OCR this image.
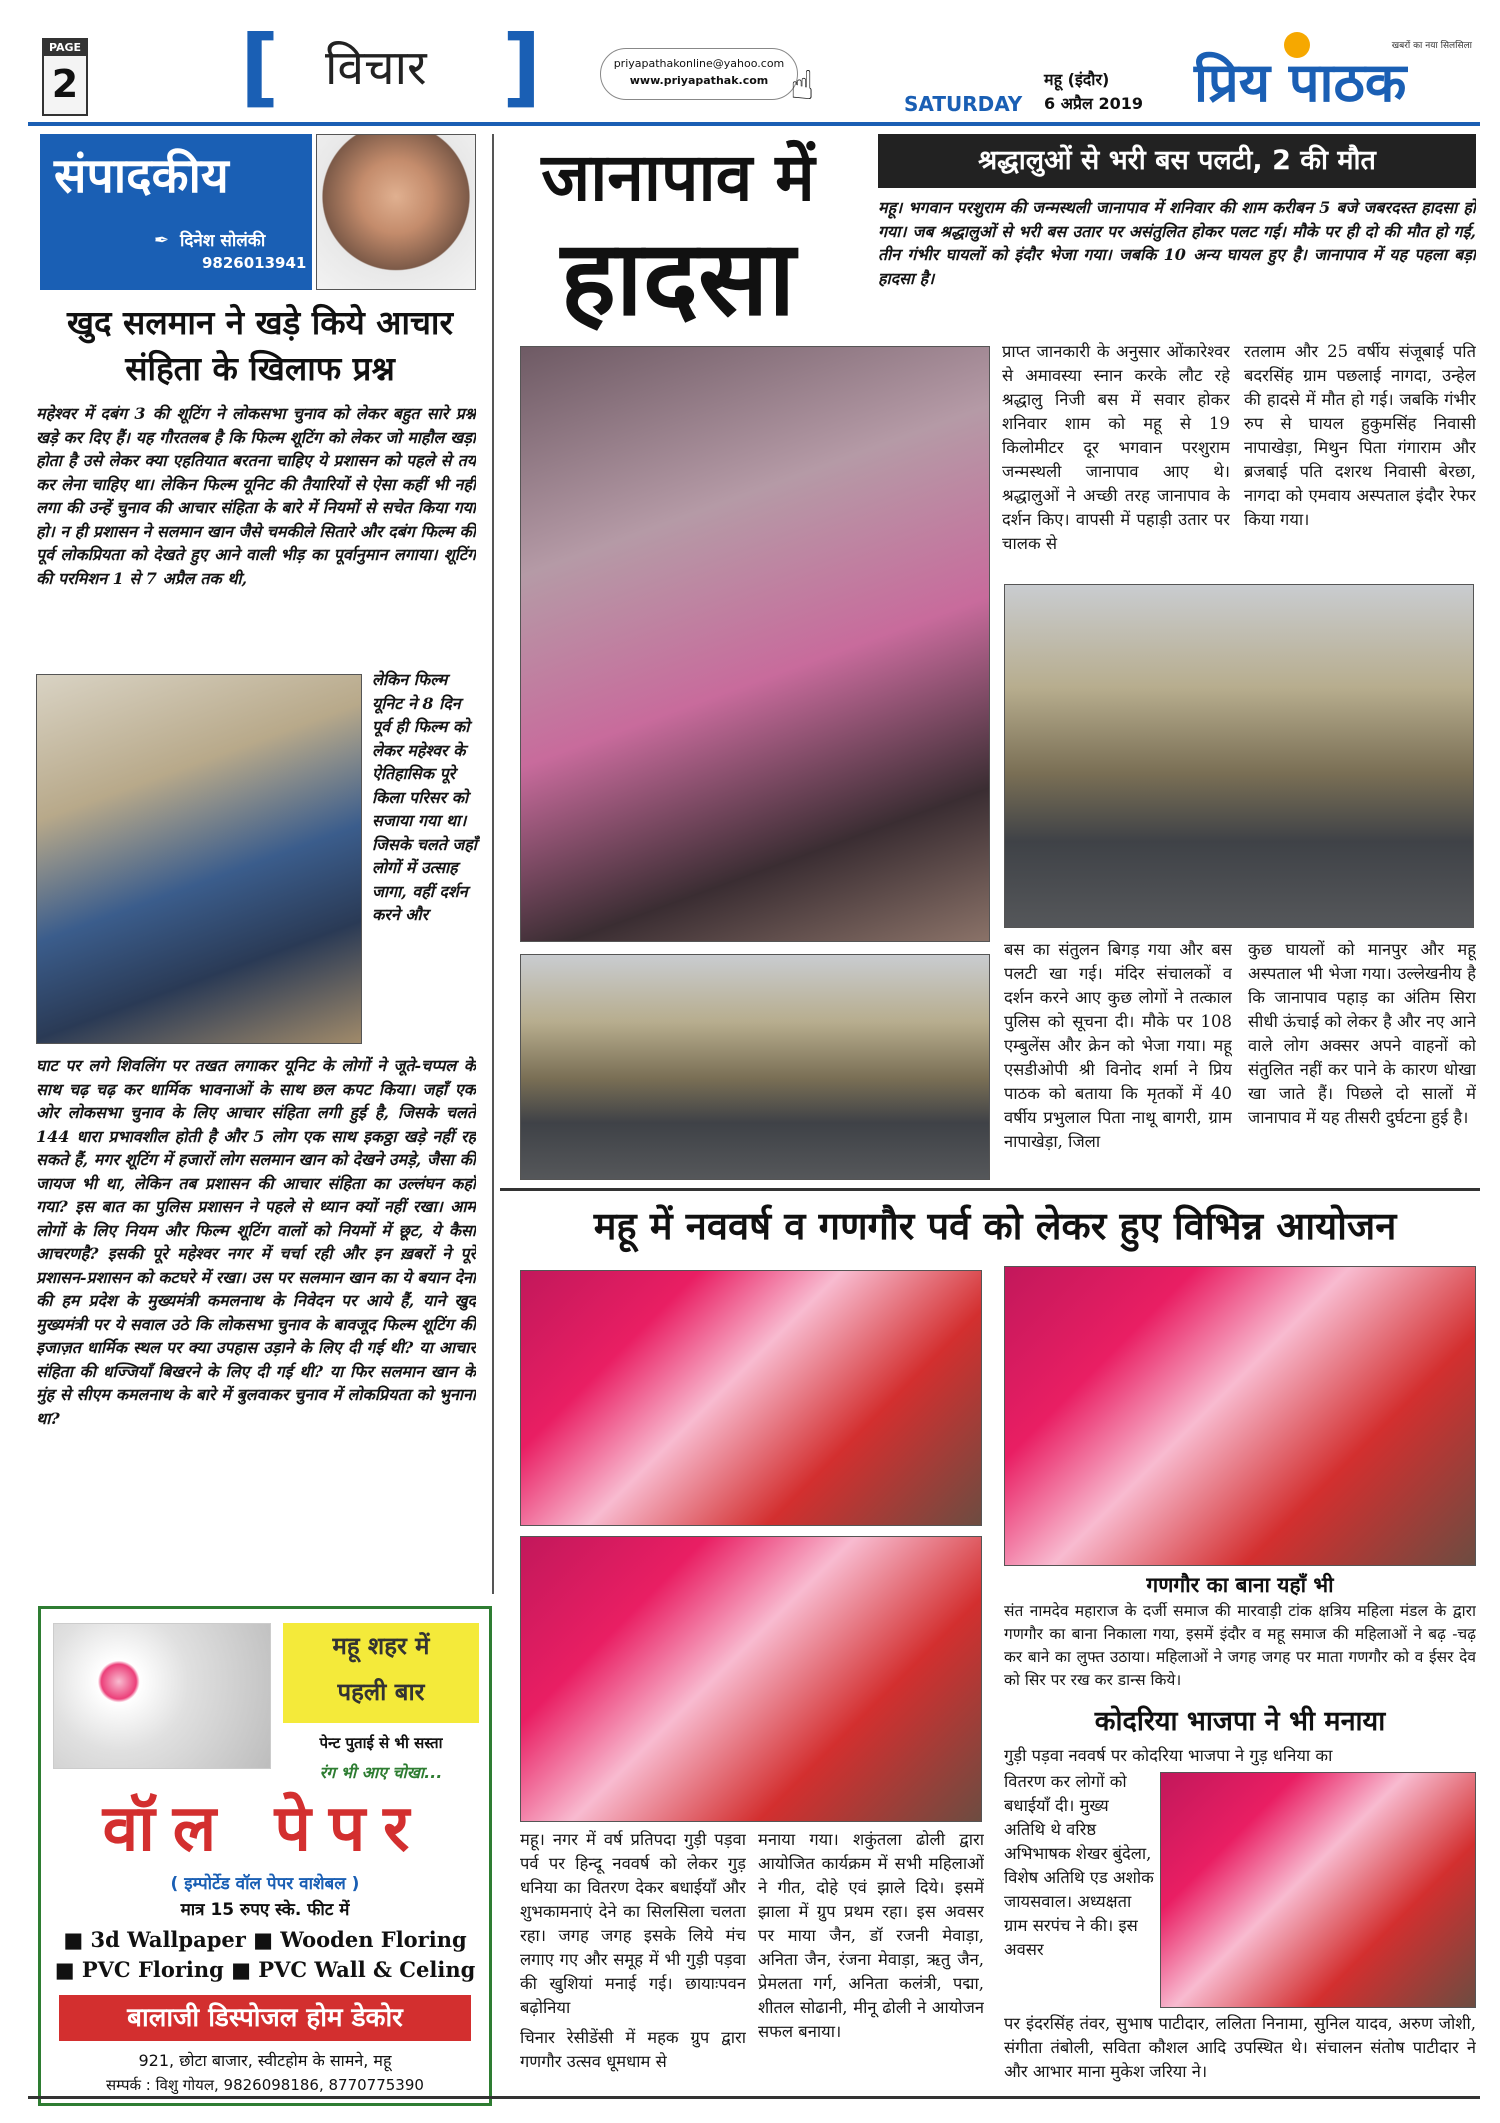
PAGE
2 [ विचार ]	priyapathakonline@yahoo.com
www.priyapathak.com ☝	SATURDAY
महू (इंदौर)
6 अप्रैल 2019
खबरों का नया सिलसिला
प्रिय पाठक
संपादकीय
✒ दिनेश सोलंकी
9826013941
खुद सलमान ने खड़े किये आचार
संहिता के खिलाफ प्रश्न
महेश्वर में दबंग 3 की शूटिंग ने लोकसभा चुनाव को लेकर बहुत सारे प्रश्न खड़े कर दिए हैं। यह गौरतलब है कि फिल्म शूटिंग को लेकर जो माहौल खड़ा होता है उसे लेकर क्या एहतियात बरतना चाहिए ये प्रशासन को पहले से तय कर लेना चाहिए था। लेकिन फिल्म यूनिट की तैयारियों से ऐसा कहीं भी नहीं लगा की उन्हें चुनाव की आचार संहिता के बारे में नियमों से सचेत किया गया हो। न ही प्रशासन ने सलमान खान जैसे चमकीले सितारे और दबंग फिल्म की पूर्व लोकप्रियता को देखते हुए आने वाली भीड़ का पूर्वानुमान लगाया। शूटिंग की परमिशन 1 से 7 अप्रैल तक थी,
लेकिन फिल्म यूनिट ने 8 दिन पूर्व ही फिल्म को लेकर महेश्वर के ऐतिहासिक पूरे किला परिसर को सजाया गया था। जिसके चलते जहाँ लोगों में उत्साह जागा, वहीं दर्शन करने और
घाट पर लगे शिवलिंग पर तखत लगाकर यूनिट के लोगों ने जूते-चप्पल के साथ चढ़ चढ़ कर धार्मिक भावनाओं के साथ छल कपट किया। जहाँ एक ओर लोकसभा चुनाव के लिए आचार संहिता लगी हुई है, जिसके चलते 144 धारा प्रभावशील होती है और 5 लोग एक साथ इकठ्ठा खड़े नहीं रह सकते हैं, मगर शूटिंग में हजारों लोग सलमान खान को देखने उमड़े, जैसा की जायज भी था, लेकिन तब प्रशासन की आचार संहिता का उल्लंघन कहाँ गया? इस बात का पुलिस प्रशासन ने पहले से ध्यान क्यों नहीं रखा। आम लोगों के लिए नियम और फिल्म शूटिंग वालों को नियमों में छूट, ये कैसा आचरणहै? इसकी पूरे महेश्वर नगर में चर्चा रही और इन ख़बरों ने पूरे प्रशासन-प्रशासन को कटघरे में रखा। उस पर सलमान खान का ये बयान देना की हम प्रदेश के मुख्यमंत्री कमलनाथ के निवेदन पर आये हैं, याने खुद मुख्यमंत्री पर ये सवाल उठे कि लोकसभा चुनाव के बावजूद फिल्म शूटिंग की इजाज़त धार्मिक स्थल पर क्या उपहास उड़ाने के लिए दी गई थी? या आचार संहिता की धज्जियाँ बिखरने के लिए दी गई थी? या फिर सलमान खान के मुंह से सीएम कमलनाथ के बारे में बुलवाकर चुनाव में लोकप्रियता को भुनाना था?
महू शहर में
पहली बार
पेन्ट पुताई से भी सस्ता
रंग भी आए चोखा...
वॉल पेपर
( इम्पोर्टेड वॉल पेपर वाशेबल )
मात्र 15 रुपए स्के. फीट में
■ 3d Wallpaper ■ Wooden Floring
■ PVC Floring ■ PVC Wall & Celing
बालाजी डिस्पोजल होम डेकोर
921, छोटा बाजार, स्वीटहोम के सामने, महू
सम्पर्क : विशु गोयल, 9826098186, 8770775390
जानापाव में
हादसा
श्रद्धालुओं से भरी बस पलटी, 2 की मौत
महू। भगवान परशुराम की जन्मस्थली जानापाव में शनिवार की शाम करीबन 5 बजे जबरदस्त हादसा हो गया। जब श्रद्धालुओं से भरी बस उतार पर असंतुलित होकर पलट गई। मौके पर ही दो की मौत हो गई, तीन गंभीर घायलों को इंदौर भेजा गया। जबकि 10 अन्य घायल हुए है। जानापाव में यह पहला बड़ा हादसा है।
प्राप्त जानकारी के अनुसार ओंकारेश्वर से अमावस्या स्नान करके लौट रहे श्रद्धालु निजी बस में सवार होकर शनिवार शाम को महू से 19 किलोमीटर दूर भगवान परशुराम जन्मस्थली जानापाव आए थे। श्रद्धालुओं ने अच्छी तरह जानापाव के दर्शन किए। वापसी में पहाड़ी उतार पर चालक से
रतलाम और 25 वर्षीय संजूबाई पति बदरसिंह ग्राम पछलाई नागदा, उन्हेल की हादसे में मौत हो गई। जबकि गंभीर रुप से घायल हुकुमसिंह निवासी नापाखेड़ा, मिथुन पिता गंगाराम और ब्रजबाई पति दशरथ निवासी बेरछा, नागदा को एमवाय अस्पताल इंदौर रेफर किया गया।
बस का संतुलन बिगड़ गया और बस पलटी खा गई। मंदिर संचालकों व दर्शन करने आए कुछ लोगों ने तत्काल पुलिस को सूचना दी। मौके पर 108 एम्बुलेंस और क्रेन को भेजा गया। महू एसडीओपी श्री विनोद शर्मा ने प्रिय पाठक को बताया कि मृतकों में 40 वर्षीय प्रभुलाल पिता नाथू बागरी, ग्राम नापाखेड़ा, जिला
कुछ घायलों को मानपुर और महू अस्पताल भी भेजा गया। उल्लेखनीय है कि जानापाव पहाड़ का अंतिम सिरा सीधी ऊंचाई को लेकर है और नए आने वाले लोग अक्सर अपने वाहनों को संतुलित नहीं कर पाने के कारण धोखा खा जाते हैं। पिछले दो सालों में जानापाव में यह तीसरी दुर्घटना हुई है।
महू में नववर्ष व गणगौर पर्व को लेकर हुए विभिन्न आयोजन
गणगौर का बाना यहाँ भी
संत नामदेव महाराज के दर्जी समाज की मारवाड़ी टांक क्षत्रिय महिला मंडल के द्वारा गणगौर का बाना निकाला गया, इसमें इंदौर व महू समाज की महिलाओं ने बढ़ -चढ़ कर बाने का लुफ्त उठाया। महिलाओं ने जगह जगह पर माता गणगौर को व ईसर देव को सिर पर रख कर डान्स किये।
महू। नगर में वर्ष प्रतिपदा गुड़ी पड़वा पर्व पर हिन्दू नववर्ष को लेकर गुड़ धनिया का वितरण देकर बधाईयाँ और शुभकामनाएं देने का सिलसिला चलता रहा। जगह जगह इसके लिये मंच लगाए गए और समूह में भी गुड़ी पड़वा की खुशियां मनाई गई। छायाःपवन बढ़ोनिया
चिनार रेसीडेंसी में महक ग्रुप द्वारा गणगौर उत्सव धूमधाम से
मनाया गया। शकुंतला ढोली द्वारा आयोजित कार्यक्रम में सभी महिलाओं ने गीत, दोहे एवं झाले दिये। इसमें झाला में ग्रुप प्रथम रहा। इस अवसर पर माया जैन, डॉ रजनी मेवाड़ा, अनिता जैन, रंजना मेवाड़ा, ऋतु जैन, प्रेमलता गर्ग, अनिता कलंत्री, पद्मा, शीतल सोढानी, मीनू ढोली ने आयोजन सफल बनाया।
कोदरिया भाजपा ने भी मनाया
गुड़ी पड़वा नववर्ष पर कोदरिया भाजपा ने गुड़ धनिया का
वितरण कर लोगों को बधाईयाँ दी। मुख्य अतिथि थे वरिष्ठ अभिभाषक शेखर बुंदेला, विशेष अतिथि एड अशोक जायसवाल। अध्यक्षता ग्राम सरपंच ने की। इस अवसर
पर इंदरसिंह तंवर, सुभाष पाटीदार, ललिता निनामा, सुनिल यादव, अरुण जोशी, संगीता तंबोली, सविता कौशल आदि उपस्थित थे। संचालन संतोष पाटीदार ने और आभार माना मुकेश जरिया ने।
